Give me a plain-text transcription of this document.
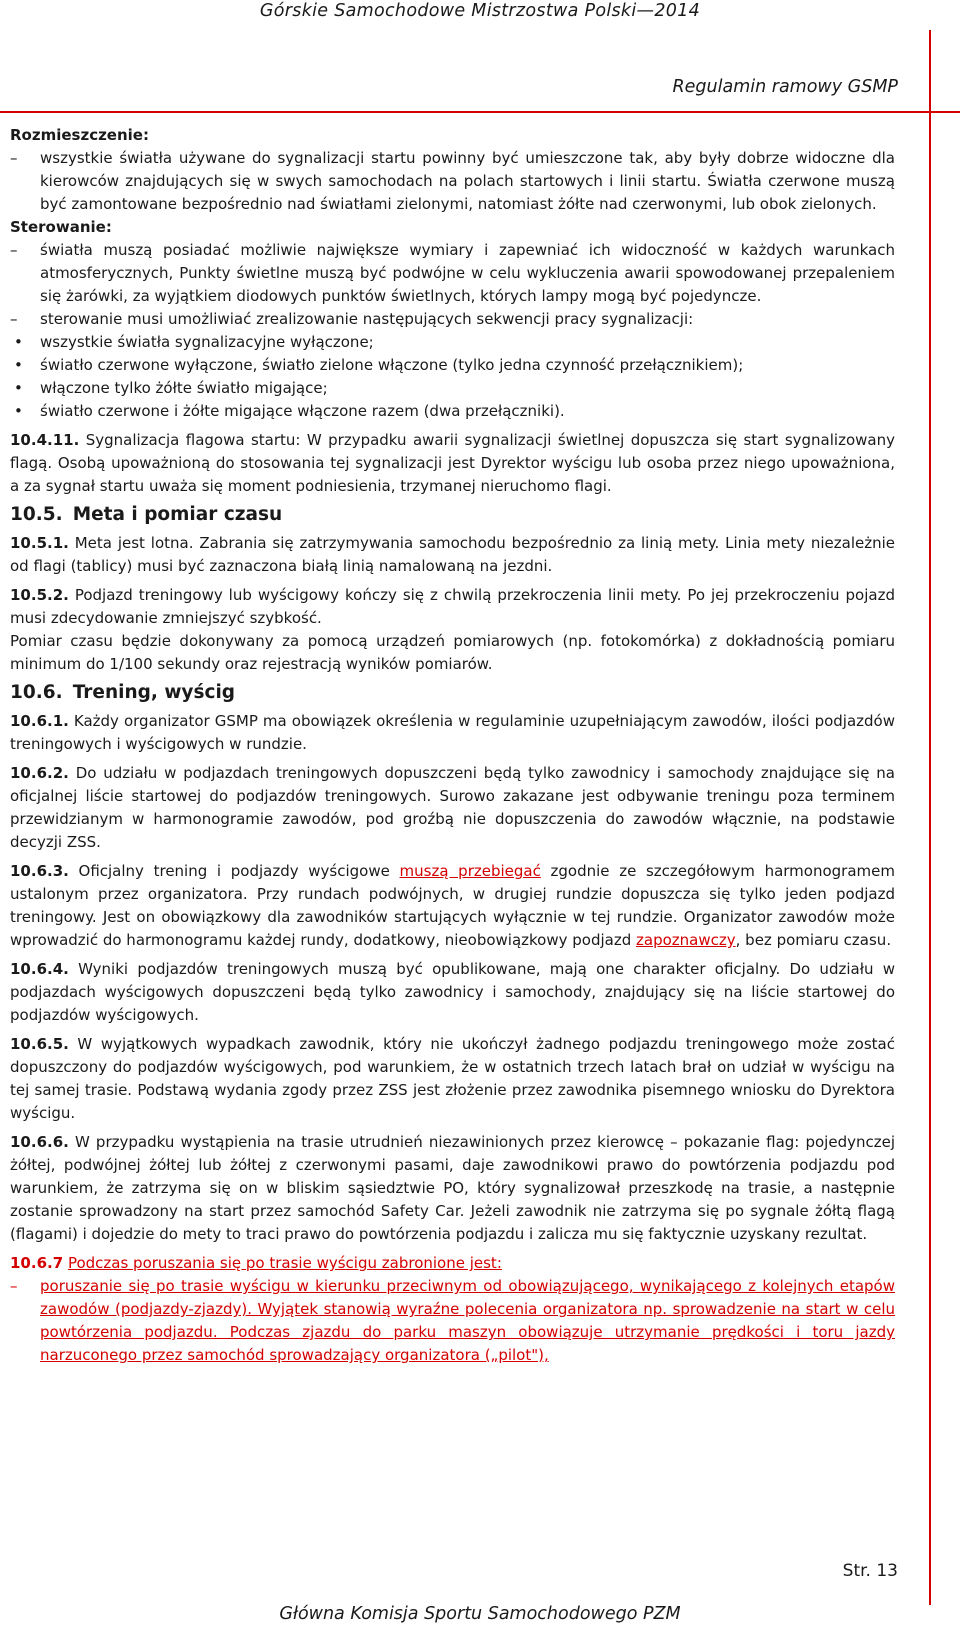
Górskie Samochodowe Mistrzostwa Polski—2014
Regulamin ramowy GSMP

Rozmieszczenie:

– wszystkie światła używane do sygnalizacji startu powinny być umieszczone tak, aby były dobrze widoczne dla kierowców znajdujących się w swych samochodach na polach startowych i linii startu. Światła czerwone muszą być zamontowane bezpośrednio nad światłami zielonymi, natomiast żółte nad czerwonymi, lub obok zielonych.

Sterowanie:

– światła muszą posiadać możliwie największe wymiary i zapewniać ich widoczność w każdych warunkach atmosferycznych, Punkty świetlne muszą być podwójne w celu wykluczenia awarii spowodowanej przepaleniem się żarówki, za wyjątkiem diodowych punktów świetlnych, których lampy mogą być pojedyncze.

– sterowanie musi umożliwiać zrealizowanie następujących sekwencji pracy sygnalizacji:

• wszystkie światła sygnalizacyjne wyłączone;

• światło czerwone wyłączone, światło zielone włączone (tylko jedna czynność przełącznikiem);

• włączone tylko żółte światło migające;

• światło czerwone i żółte migające włączone razem (dwa przełączniki).

10.4.11. Sygnalizacja flagowa startu: W przypadku awarii sygnalizacji świetlnej dopuszcza się start sygnalizowany flagą. Osobą upoważnioną do stosowania tej sygnalizacji jest Dyrektor wyścigu lub osoba przez niego upoważniona, a za sygnał startu uważa się moment podniesienia, trzymanej nieruchomo flagi.

10.5. Meta i pomiar czasu

10.5.1. Meta jest lotna. Zabrania się zatrzymywania samochodu bezpośrednio za linią mety. Linia mety niezależnie od flagi (tablicy) musi być zaznaczona białą linią namalowaną na jezdni.

10.5.2. Podjazd treningowy lub wyścigowy kończy się z chwilą przekroczenia linii mety. Po jej przekroczeniu pojazd musi zdecydowanie zmniejszyć szybkość.

Pomiar czasu będzie dokonywany za pomocą urządzeń pomiarowych (np. fotokomórka) z dokładnością pomiaru minimum do 1/100 sekundy oraz rejestracją wyników pomiarów.

10.6. Trening, wyścig

10.6.1. Każdy organizator GSMP ma obowiązek określenia w regulaminie uzupełniającym zawodów, ilości podjazdów treningowych i wyścigowych w rundzie.

10.6.2. Do udziału w podjazdach treningowych dopuszczeni będą tylko zawodnicy i samochody znajdujące się na oficjalnej liście startowej do podjazdów treningowych. Surowo zakazane jest odbywanie treningu poza terminem przewidzianym w harmonogramie zawodów, pod groźbą nie dopuszczenia do zawodów włącznie, na podstawie decyzji ZSS.

10.6.3. Oficjalny trening i podjazdy wyścigowe muszą przebiegać zgodnie ze szczegółowym harmonogramem ustalonym przez organizatora. Przy rundach podwójnych, w drugiej rundzie dopuszcza się tylko jeden podjazd treningowy. Jest on obowiązkowy dla zawodników startujących wyłącznie w tej rundzie. Organizator zawodów może wprowadzić do harmonogramu każdej rundy, dodatkowy, nieobowiązkowy podjazd zapoznawczy, bez pomiaru czasu.

10.6.4. Wyniki podjazdów treningowych muszą być opublikowane, mają one charakter oficjalny. Do udziału w podjazdach wyścigowych dopuszczeni będą tylko zawodnicy i samochody, znajdujący się na liście startowej do podjazdów wyścigowych.

10.6.5. W wyjątkowych wypadkach zawodnik, który nie ukończył żadnego podjazdu treningowego może zostać dopuszczony do podjazdów wyścigowych, pod warunkiem, że w ostatnich trzech latach brał on udział w wyścigu na tej samej trasie. Podstawą wydania zgody przez ZSS jest złożenie przez zawodnika pisemnego wniosku do Dyrektora wyścigu.

10.6.6. W przypadku wystąpienia na trasie utrudnień niezawinionych przez kierowcę – pokazanie flag: pojedynczej żółtej, podwójnej żółtej lub żółtej z czerwonymi pasami, daje zawodnikowi prawo do powtórzenia podjazdu pod warunkiem, że zatrzyma się on w bliskim sąsiedztwie PO, który sygnalizował przeszkodę na trasie, a następnie zostanie sprowadzony na start przez samochód Safety Car. Jeżeli zawodnik nie zatrzyma się po sygnale żółtą flagą (flagami) i dojedzie do mety to traci prawo do powtórzenia podjazdu i zalicza mu się faktycznie uzyskany rezultat.

10.6.7 Podczas poruszania się po trasie wyścigu zabronione jest:

– poruszanie się po trasie wyścigu w kierunku przeciwnym od obowiązującego, wynikającego z kolejnych etapów zawodów (podjazdy-zjazdy). Wyjątek stanowią wyraźne polecenia organizatora np. sprowadzenie na start w celu powtórzenia podjazdu. Podczas zjazdu do parku maszyn obowiązuje utrzymanie prędkości i toru jazdy narzuconego przez samochód sprowadzający organizatora („pilot"),

Str. 13
Główna Komisja Sportu Samochodowego PZM
